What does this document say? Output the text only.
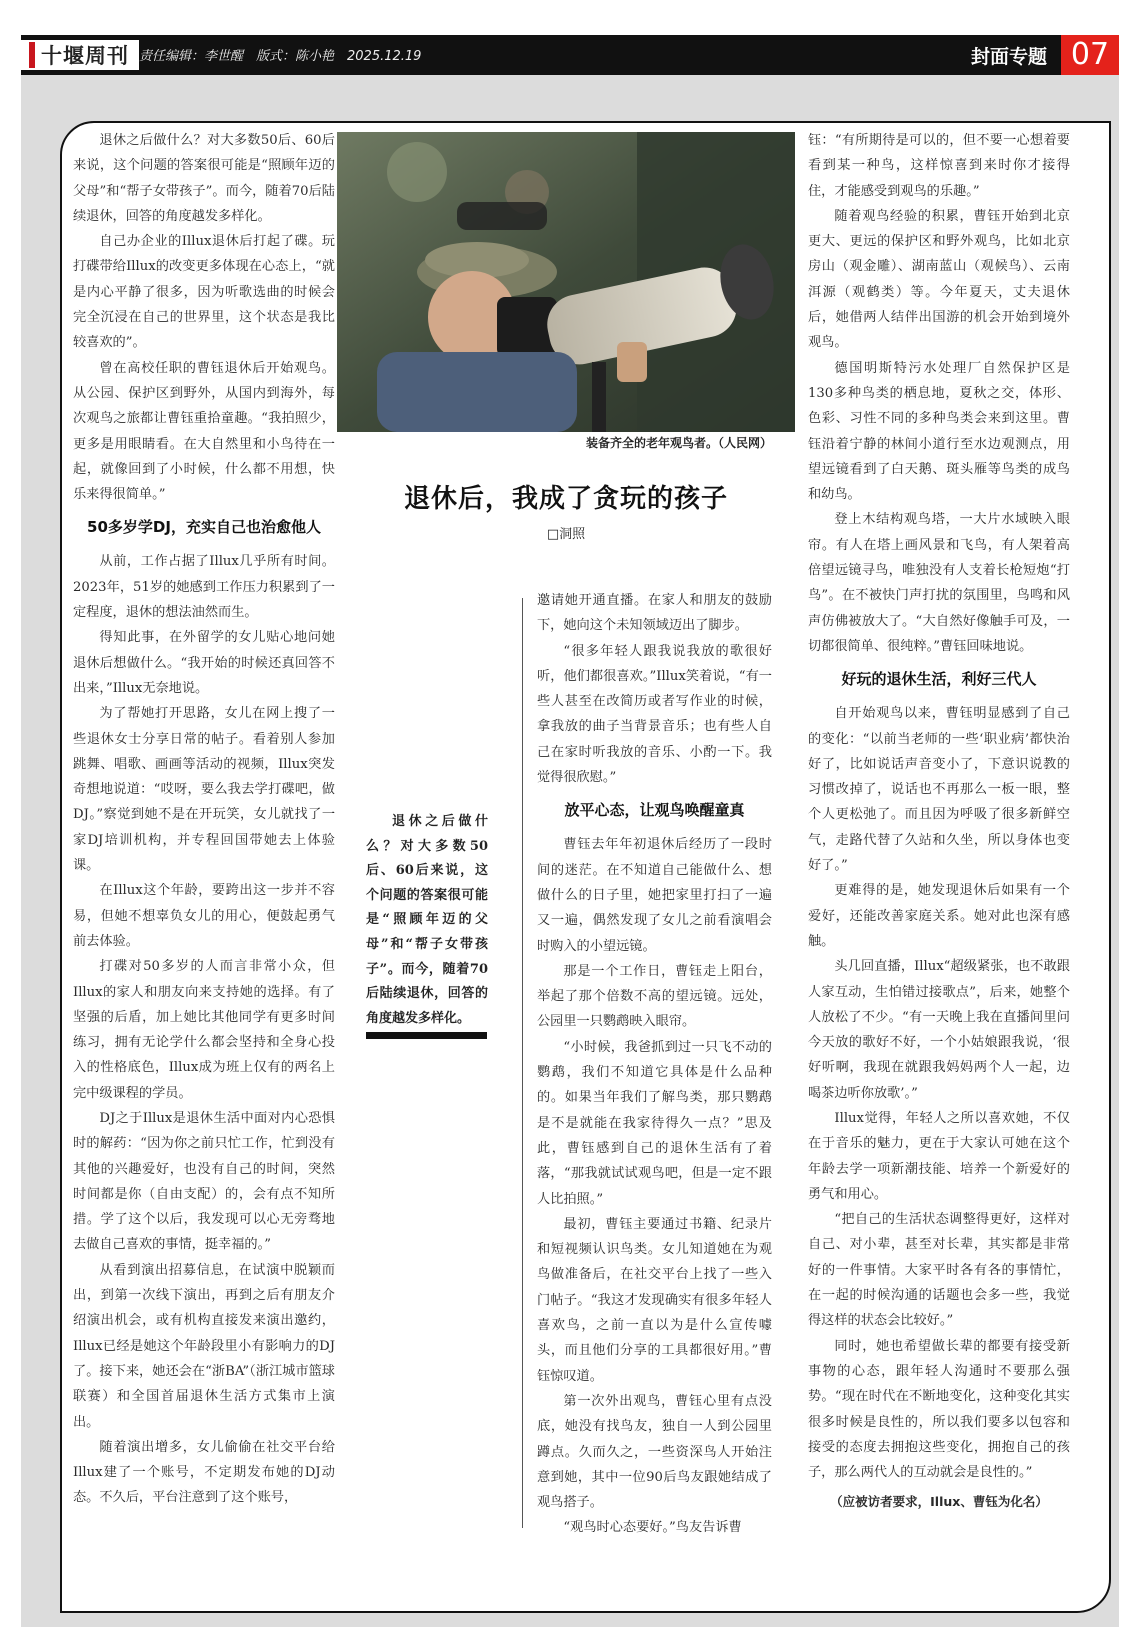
十堰周刊 责任编辑：李世醒　版式：陈小艳　2025.12.19	封面专题 07

退休之后做什么？对大多数50后、60后来说，这个问题的答案很可能是“照顾年迈的父母”和“帮子女带孩子”。而今，随着70后陆续退休，回答的角度越发多样化。

自己办企业的Illux退休后打起了碟。玩打碟带给Illux的改变更多体现在心态上，“就是内心平静了很多，因为听歌选曲的时候会完全沉浸在自己的世界里，这个状态是我比较喜欢的”。

曾在高校任职的曹钰退休后开始观鸟。从公园、保护区到野外，从国内到海外，每次观鸟之旅都让曹钰重拾童趣。“我拍照少，更多是用眼睛看。在大自然里和小鸟待在一起，就像回到了小时候，什么都不用想，快乐来得很简单。”

50多岁学DJ，充实自己也治愈他人

从前，工作占据了Illux几乎所有时间。2023年，51岁的她感到工作压力积累到了一定程度，退休的想法油然而生。

得知此事，在外留学的女儿贴心地问她退休后想做什么。“我开始的时候还真回答不出来，”Illux无奈地说。

为了帮她打开思路，女儿在网上搜了一些退休女士分享日常的帖子。看着别人参加跳舞、唱歌、画画等活动的视频，Illux突发奇想地说道：“哎呀，要么我去学打碟吧，做DJ。”察觉到她不是在开玩笑，女儿就找了一家DJ培训机构，并专程回国带她去上体验课。

在Illux这个年龄，要跨出这一步并不容易，但她不想辜负女儿的用心，便鼓起勇气前去体验。

打碟对50多岁的人而言非常小众，但Illux的家人和朋友向来支持她的选择。有了坚强的后盾，加上她比其他同学有更多时间练习，拥有无论学什么都会坚持和全身心投入的性格底色，Illux成为班上仅有的两名上完中级课程的学员。

DJ之于Illux是退休生活中面对内心恐惧时的解药：“因为你之前只忙工作，忙到没有其他的兴趣爱好，也没有自己的时间，突然时间都是你（自由支配）的，会有点不知所措。学了这个以后，我发现可以心无旁骛地去做自己喜欢的事情，挺幸福的。”

从看到演出招募信息，在试演中脱颖而出，到第一次线下演出，再到之后有朋友介绍演出机会，或有机构直接发来演出邀约，Illux已经是她这个年龄段里小有影响力的DJ了。接下来，她还会在“浙BA”（浙江城市篮球联赛）和全国首届退休生活方式集市上演出。

随着演出增多，女儿偷偷在社交平台给Illux建了一个账号，不定期发布她的DJ动态。不久后，平台注意到了这个账号，

装备齐全的老年观鸟者。（人民网）
退休后，我成了贪玩的孩子
□洞照
退休之后做什么？对大多数50后、60后来说，这个问题的答案很可能是“照顾年迈的父母”和“帮子女带孩子”。而今，随着70后陆续退休，回答的角度越发多样化。

邀请她开通直播。在家人和朋友的鼓励下，她向这个未知领域迈出了脚步。

“很多年轻人跟我说我放的歌很好听，他们都很喜欢。”Illux笑着说，“有一些人甚至在改简历或者写作业的时候，拿我放的曲子当背景音乐；也有些人自己在家时听我放的音乐、小酌一下。我觉得很欣慰。”

放平心态，让观鸟唤醒童真

曹钰去年年初退休后经历了一段时间的迷茫。在不知道自己能做什么、想做什么的日子里，她把家里打扫了一遍又一遍，偶然发现了女儿之前看演唱会时购入的小望远镜。

那是一个工作日，曹钰走上阳台，举起了那个倍数不高的望远镜。远处，公园里一只鹦鹉映入眼帘。

“小时候，我爸抓到过一只飞不动的鹦鹉，我们不知道它具体是什么品种的。如果当年我们了解鸟类，那只鹦鹉是不是就能在我家待得久一点？”思及此，曹钰感到自己的退休生活有了着落，“那我就试试观鸟吧，但是一定不跟人比拍照。”

最初，曹钰主要通过书籍、纪录片和短视频认识鸟类。女儿知道她在为观鸟做准备后，在社交平台上找了一些入门帖子。“我这才发现确实有很多年轻人喜欢鸟，之前一直以为是什么宣传噱头，而且他们分享的工具都很好用。”曹钰惊叹道。

第一次外出观鸟，曹钰心里有点没底，她没有找鸟友，独自一人到公园里蹲点。久而久之，一些资深鸟人开始注意到她，其中一位90后鸟友跟她结成了观鸟搭子。

“观鸟时心态要好。”鸟友告诉曹

钰：“有所期待是可以的，但不要一心想着要看到某一种鸟，这样惊喜到来时你才接得住，才能感受到观鸟的乐趣。”

随着观鸟经验的积累，曹钰开始到北京更大、更远的保护区和野外观鸟，比如北京房山（观金雕）、湖南蓝山（观候鸟）、云南洱源（观鹤类）等。今年夏天，丈夫退休后，她借两人结伴出国游的机会开始到境外观鸟。

德国明斯特污水处理厂自然保护区是130多种鸟类的栖息地，夏秋之交，体形、色彩、习性不同的多种鸟类会来到这里。曹钰沿着宁静的林间小道行至水边观测点，用望远镜看到了白天鹅、斑头雁等鸟类的成鸟和幼鸟。

登上木结构观鸟塔，一大片水域映入眼帘。有人在塔上画风景和飞鸟，有人架着高倍望远镜寻鸟，唯独没有人支着长枪短炮“打鸟”。在不被快门声打扰的氛围里，鸟鸣和风声仿佛被放大了。“大自然好像触手可及，一切都很简单、很纯粹。”曹钰回味地说。

好玩的退休生活，利好三代人

自开始观鸟以来，曹钰明显感到了自己的变化：“以前当老师的一些‘职业病’都快治好了，比如说话声音变小了，下意识说教的习惯改掉了，说话也不再那么一板一眼，整个人更松弛了。而且因为呼吸了很多新鲜空气，走路代替了久站和久坐，所以身体也变好了。”

更难得的是，她发现退休后如果有一个爱好，还能改善家庭关系。她对此也深有感触。

头几回直播，Illux“超级紧张，也不敢跟人家互动，生怕错过接歌点”，后来，她整个人放松了不少。“有一天晚上我在直播间里问今天放的歌好不好，一个小姑娘跟我说，‘很好听啊，我现在就跟我妈妈两个人一起，边喝茶边听你放歌’。”

Illux觉得，年轻人之所以喜欢她，不仅在于音乐的魅力，更在于大家认可她在这个年龄去学一项新潮技能、培养一个新爱好的勇气和用心。

“把自己的生活状态调整得更好，这样对自己、对小辈，甚至对长辈，其实都是非常好的一件事情。大家平时各有各的事情忙，在一起的时候沟通的话题也会多一些，我觉得这样的状态会比较好。”

同时，她也希望做长辈的都要有接受新事物的心态，跟年轻人沟通时不要那么强势。“现在时代在不断地变化，这种变化其实很多时候是良性的，所以我们要多以包容和接受的态度去拥抱这些变化，拥抱自己的孩子，那么两代人的互动就会是良性的。”

（应被访者要求，Illux、曹钰为化名）
